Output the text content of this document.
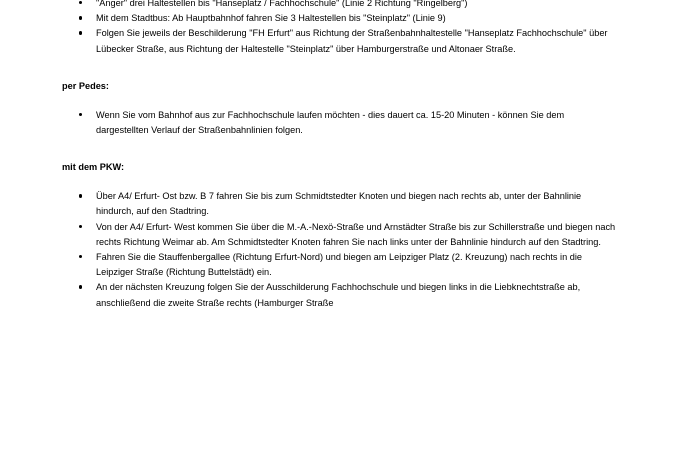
"Anger" drei Haltestellen bis "Hanseplatz / Fachhochschule" (Linie 2 Richtung "Ringelberg")
Mit dem Stadtbus: Ab Hauptbahnhof fahren Sie 3 Haltestellen bis "Steinplatz" (Linie 9)
Folgen Sie jeweils der Beschilderung "FH Erfurt" aus Richtung der Straßenbahnhaltestelle "Hanseplatz Fachhochschule" über Lübecker Straße, aus Richtung der Haltestelle "Steinplatz" über Hamburgerstraße und Altonaer Straße.
per Pedes:
Wenn Sie vom Bahnhof aus zur Fachhochschule laufen möchten - dies dauert ca. 15-20 Minuten - können Sie dem dargestellten Verlauf der Straßenbahnlinien folgen.
mit dem PKW:
Über A4/ Erfurt- Ost bzw. B 7 fahren Sie bis zum Schmidtstedter Knoten und biegen nach rechts ab, unter der Bahnlinie hindurch, auf den Stadtring.
Von der A4/ Erfurt- West kommen Sie über die M.-A.-Nexö-Straße und Arnstädter Straße bis zur Schillerstraße und biegen nach rechts Richtung Weimar ab. Am Schmidtstedter Knoten fahren Sie nach links unter der Bahnlinie hindurch auf den Stadtring.
Fahren Sie die Stauffenbergallee (Richtung Erfurt-Nord) und biegen am Leipziger Platz (2. Kreuzung) nach rechts in die Leipziger Straße (Richtung Buttelstädt) ein.
An der nächsten Kreuzung folgen Sie der Ausschilderung Fachhochschule und biegen links in die Liebknechtstraße ab, anschließend die zweite Straße rechts (Hamburger Straße
